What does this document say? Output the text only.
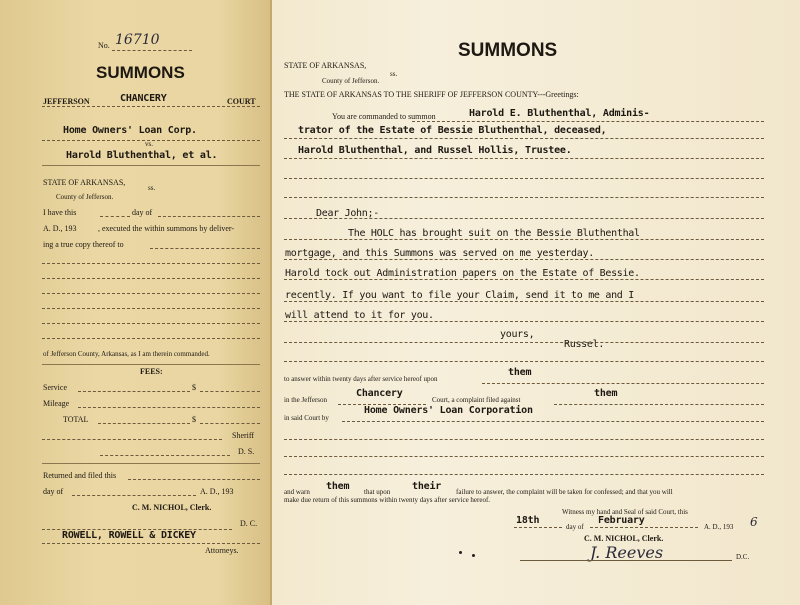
No. 16710
SUMMONS
JEFFERSON	CHANCERY	COURT
Home Owners' Loan Corp.
vs.
Harold Bluthenthal, et al.
STATE OF ARKANSAS,
ss.
County of Jefferson.
I have this	day of
A. D., 193	, executed the within summons by deliver-
ing a true copy thereof to
of Jefferson County, Arkansas, as I am therein commanded.
FEES:
Service	$
Mileage
TOTAL	$
Sheriff
D. S.
Returned and filed this
day of	A. D., 193
C. M. NICHOL, Clerk.
D. C.
ROWELL, ROWELL & DICKEY
Attorneys.
SUMMONS
STATE OF ARKANSAS,
ss.
County of Jefferson.
THE STATE OF ARKANSAS TO THE SHERIFF OF JEFFERSON COUNTY---Greetings:
You are commanded to summon	Harold E. Bluthenthal, Adminis-
trator of the Estate of Bessie Bluthenthal, deceased,
Harold Bluthenthal, and Russel Hollis, Trustee.
Dear John;-
The HOLC has brought suit on the Bessie Bluthenthal
mortgage, and this Summons was served on me yesterday.
Harold tock out Administration papers on the Estate of Bessie.
recently. If you want to file your Claim, send it to me and I
will attend to it for you.
yours,
Russel.
to answer within twenty days after service hereof upon
them
in the Jefferson
Chancery
Court, a complaint filed against
them
in said Court by
Home Owners' Loan Corporation
and warn them that upon their failure to answer, the complaint will be taken for confessed; and that you will
make due return of this summons within twenty days after service hereof.
Witness my hand and Seal of said Court, this
18th
day of
February
A. D., 193 6
C. M. NICHOL, Clerk.
J. Reeves	D.C.
